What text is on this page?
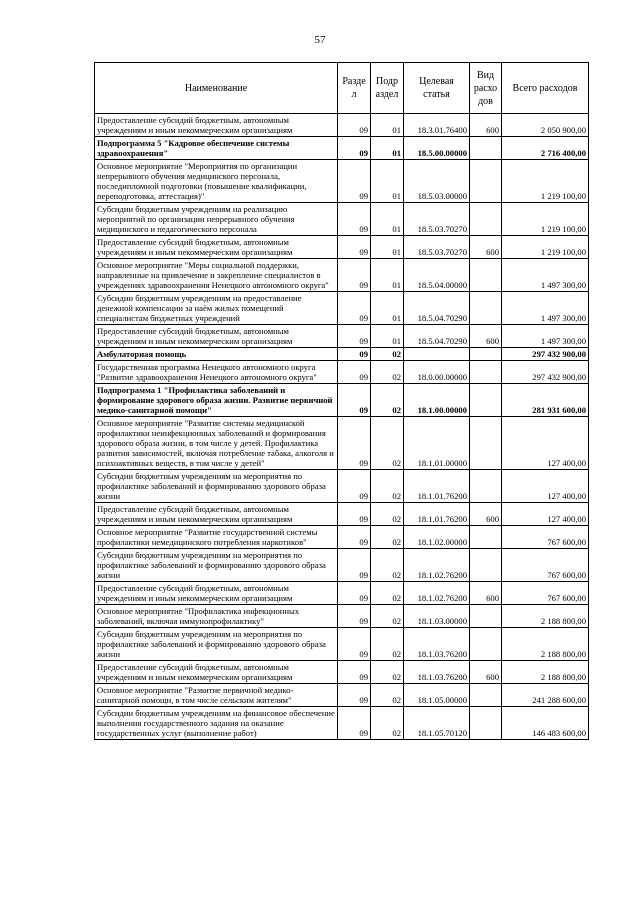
57
Наименование	Разде л	Подр аздел	Целевая статья	Вид расхо дов	Всего расходов
Предоставление субсидий бюджетным, автономным учреждениям и иным некоммерческим организациям	09	01	18.3.01.76400	600	2 050 900,00
Подпрограмма 5 "Кадровое обеспечение системы здравоохранения"	09	01	18.5.00.00000		2 716 400,00
Основное мероприятие "Мероприятия по организации непрерывного обучения медицинского персонала, последипломной подготовки (повышение квалификации, переподготовка, аттестация)"	09	01	18.5.03.00000		1 219 100,00
Субсидии бюджетным учреждениям на реализацию мероприятий по организации непрерывного обучения медицинского и педагогического персонала	09	01	18.5.03.70270		1 219 100,00
Предоставление субсидий бюджетным, автономным учреждениям и иным некоммерческим организациям	09	01	18.5.03.70270	600	1 219 100,00
Основное мероприятие "Меры социальной поддержки, направленные на привлечение и закрепление специалистов в учреждениях здравоохранения Ненецкого автономного округа"	09	01	18.5.04.00000		1 497 300,00
Субсидии бюджетным учреждениям на предоставление денежной компенсации за наём жилых помещений специалистам бюджетных учреждений	09	01	18.5.04.70290		1 497 300,00
Предоставление субсидий бюджетным, автономным учреждениям и иным некоммерческим организациям	09	01	18.5.04.70290	600	1 497 300,00
Амбулаторная помощь	09	02			297 432 900,00
Государственная программа Ненецкого автономного округа "Развитие здравоохранения Ненецкого автономного округа"	09	02	18.0.00.00000		297 432 900,00
Подпрограмма 1 "Профилактика заболеваний и формирование здорового образа жизни. Развитие первичной медико-санитарной помощи"	09	02	18.1.00.00000		281 931 600,00
Основное мероприятие "Развитие системы медицинской профилактики неинфекционных заболеваний и формирования здорового образа жизни, в том числе у детей. Профилактика развития зависимостей, включая потребление табака, алкоголя и психоактивных веществ, в том числе у детей"	09	02	18.1.01.00000		127 400,00
Субсидии бюджетным учреждениям на мероприятия по профилактике заболеваний и формированию здорового образа жизни	09	02	18.1.01.76200		127 400,00
Предоставление субсидий бюджетным, автономным учреждениям и иным некоммерческим организациям	09	02	18.1.01.76200	600	127 400,00
Основное мероприятие "Развитие государственной системы профилактики немедицинского потребления наркотиков"	09	02	18.1.02.00000		767 600,00
Субсидии бюджетным учреждениям на мероприятия по профилактике заболеваний и формированию здорового образа жизни	09	02	18.1.02.76200		767 600,00
Предоставление субсидий бюджетным, автономным учреждениям и иным некоммерческим организациям	09	02	18.1.02.76200	600	767 600,00
Основное мероприятие "Профилактика инфекционных заболеваний, включая иммунопрофилактику"	09	02	18.1.03.00000		2 188 800,00
Субсидии бюджетным учреждениям на мероприятия по профилактике заболеваний и формированию здорового образа жизни	09	02	18.1.03.76200		2 188 800,00
Предоставление субсидий бюджетным, автономным учреждениям и иным некоммерческим организациям	09	02	18.1.03.76200	600	2 188 800,00
Основное мероприятие "Развитие первичной медико-санитарной помощи, в том числе сельским жителям"	09	02	18.1.05.00000		241 288 600,00
Субсидии бюджетным учреждениям на финансовое обеспечение выполнения государственного задания на оказание государственных услуг (выполнение работ)	09	02	18.1.05.70120		146 483 600,00
